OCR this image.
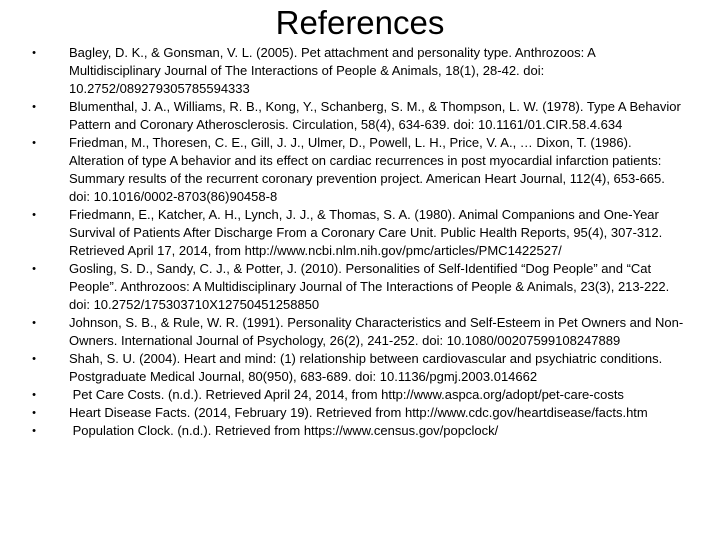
References
•	Bagley, D. K., & Gonsman, V. L. (2005). Pet attachment and personality type. Anthrozoos: A Multidisciplinary Journal of The Interactions of People & Animals, 18(1), 28-42. doi: 10.2752/089279305785594333
•	Blumenthal, J. A., Williams, R. B., Kong, Y., Schanberg, S. M., & Thompson, L. W. (1978). Type A Behavior Pattern and Coronary Atherosclerosis. Circulation, 58(4), 634-639. doi: 10.1161/01.CIR.58.4.634
•	Friedman, M., Thoresen, C. E., Gill, J. J., Ulmer, D., Powell, L. H., Price, V. A., … Dixon, T. (1986). Alteration of type A behavior and its effect on cardiac recurrences in post myocardial infarction patients: Summary results of the recurrent coronary prevention project. American Heart Journal, 112(4), 653-665. doi: 10.1016/0002-8703(86)90458-8
•	Friedmann, E., Katcher, A. H., Lynch, J. J., & Thomas, S. A. (1980). Animal Companions and One-Year Survival of Patients After Discharge From a Coronary Care Unit. Public Health Reports, 95(4), 307-312. Retrieved April 17, 2014, from http://www.ncbi.nlm.nih.gov/pmc/articles/PMC1422527/
•	Gosling, S. D., Sandy, C. J., & Potter, J. (2010). Personalities of Self-Identified “Dog People” and “Cat People”. Anthrozoos: A Multidisciplinary Journal of The Interactions of People & Animals, 23(3), 213-222. doi: 10.2752/175303710X12750451258850
•	Johnson, S. B., & Rule, W. R. (1991). Personality Characteristics and Self-Esteem in Pet Owners and Non-Owners. International Journal of Psychology, 26(2), 241-252. doi: 10.1080/00207599108247889
•	Shah, S. U. (2004). Heart and mind: (1) relationship between cardiovascular and psychiatric conditions. Postgraduate Medical Journal, 80(950), 683-689. doi: 10.1136/pgmj.2003.014662
•	Pet Care Costs. (n.d.). Retrieved April 24, 2014, from http://www.aspca.org/adopt/pet-care-costs
•	Heart Disease Facts. (2014, February 19). Retrieved from http://www.cdc.gov/heartdisease/facts.htm
•	Population Clock. (n.d.). Retrieved from https://www.census.gov/popclock/
